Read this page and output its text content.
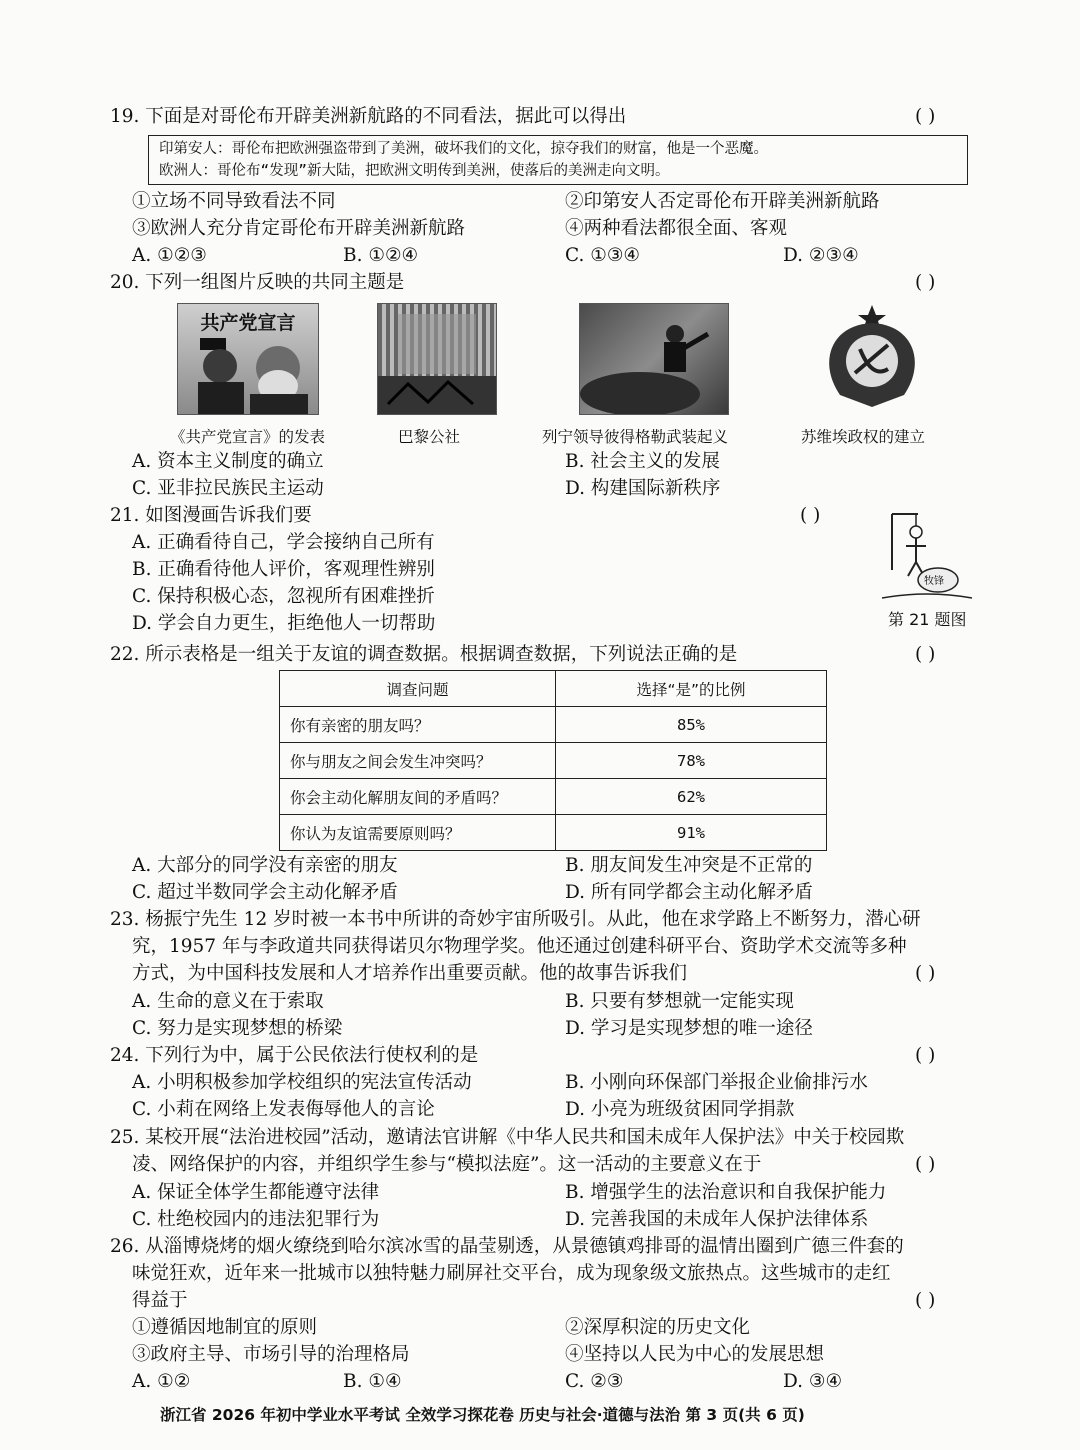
19. 下面是对哥伦布开辟美洲新航路的不同看法，据此可以得出	( )
印第安人：哥伦布把欧洲强盗带到了美洲，破坏我们的文化，掠夺我们的财富，他是一个恶魔。
欧洲人：哥伦布“发现”新大陆，把欧洲文明传到美洲，使落后的美洲走向文明。
①立场不同导致看法不同	②印第安人否定哥伦布开辟美洲新航路
③欧洲人充分肯定哥伦布开辟美洲新航路	④两种看法都很全面、客观
A. ①②③	B. ①②④	C. ①③④	D. ②③④
20. 下列一组图片反映的共同主题是	( )
共产党宣言
《共产党宣言》的发表	巴黎公社	列宁领导彼得格勒武装起义	苏维埃政权的建立
A. 资本主义制度的确立	B. 社会主义的发展
C. 亚非拉民族民主运动	D. 构建国际新秩序
21. 如图漫画告诉我们要	( )
A. 正确看待自己，学会接纳自己所有
B. 正确看待他人评价，客观理性辨别
C. 保持积极心态，忽视所有困难挫折
D. 学会自力更生，拒绝他人一切帮助
牧锋
第 21 题图
22. 所示表格是一组关于友谊的调查数据。根据调查数据，下列说法正确的是	( )
调查问题	选择“是”的比例
你有亲密的朋友吗？	85%
你与朋友之间会发生冲突吗？	78%
你会主动化解朋友间的矛盾吗？	62%
你认为友谊需要原则吗？	91%
A. 大部分的同学没有亲密的朋友	B. 朋友间发生冲突是不正常的
C. 超过半数同学会主动化解矛盾	D. 所有同学都会主动化解矛盾
23. 杨振宁先生 12 岁时被一本书中所讲的奇妙宇宙所吸引。从此，他在求学路上不断努力，潜心研
究，1957 年与李政道共同获得诺贝尔物理学奖。他还通过创建科研平台、资助学术交流等多种
方式，为中国科技发展和人才培养作出重要贡献。他的故事告诉我们	( )
A. 生命的意义在于索取	B. 只要有梦想就一定能实现
C. 努力是实现梦想的桥梁	D. 学习是实现梦想的唯一途径
24. 下列行为中，属于公民依法行使权利的是	( )
A. 小明积极参加学校组织的宪法宣传活动	B. 小刚向环保部门举报企业偷排污水
C. 小莉在网络上发表侮辱他人的言论	D. 小亮为班级贫困同学捐款
25. 某校开展“法治进校园”活动，邀请法官讲解《中华人民共和国未成年人保护法》中关于校园欺
凌、网络保护的内容，并组织学生参与“模拟法庭”。这一活动的主要意义在于	( )
A. 保证全体学生都能遵守法律	B. 增强学生的法治意识和自我保护能力
C. 杜绝校园内的违法犯罪行为	D. 完善我国的未成年人保护法律体系
26. 从淄博烧烤的烟火缭绕到哈尔滨冰雪的晶莹剔透，从景德镇鸡排哥的温情出圈到广德三件套的
味觉狂欢，近年来一批城市以独特魅力刷屏社交平台，成为现象级文旅热点。这些城市的走红
得益于	( )
①遵循因地制宜的原则	②深厚积淀的历史文化
③政府主导、市场引导的治理格局	④坚持以人民为中心的发展思想
A. ①②	B. ①④	C. ②③	D. ③④
浙江省 2026 年初中学业水平考试 全效学习探花卷 历史与社会·道德与法治 第 3 页(共 6 页)
